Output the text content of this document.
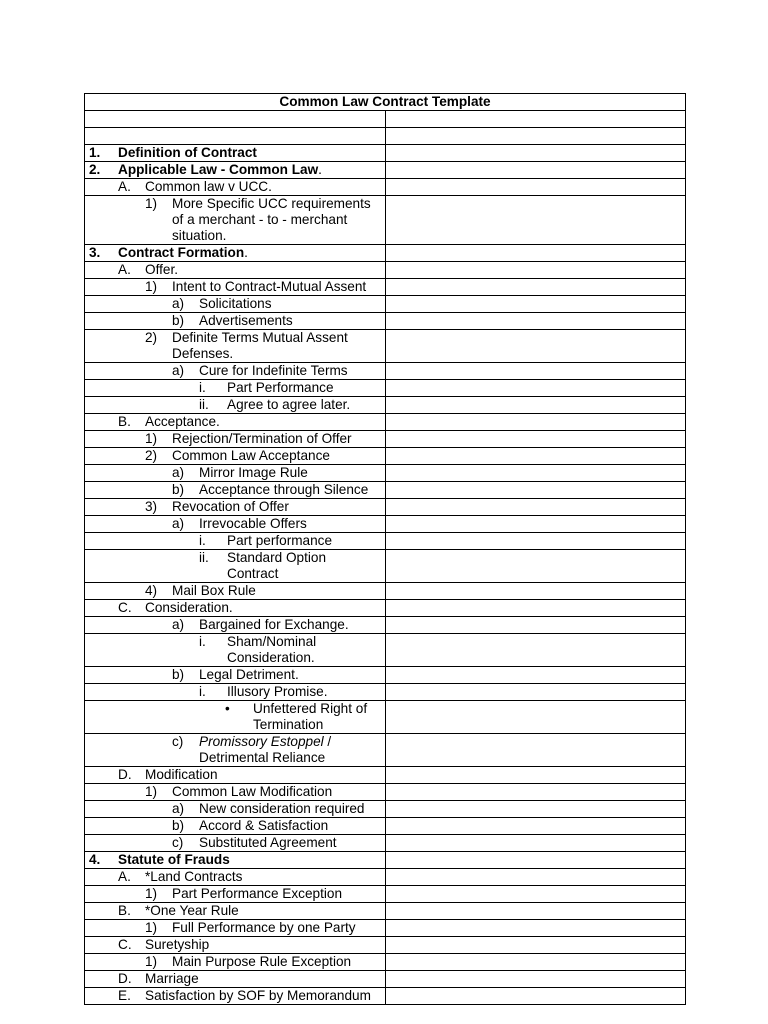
Common Law Contract Template	

1. Definition of Contract	

2. Applicable Law - Common Law.	

A. Common law v UCC.	

1) More Specific UCC requirements of a merchant - to - merchant situation.	

3. Contract Formation.	

A. Offer.	

1) Intent to Contract-Mutual Assent	

a) Solicitations	

b) Advertisements	

2) Definite Terms Mutual Assent Defenses.	

a) Cure for Indefinite Terms	

i. Part Performance	

ii. Agree to agree later.	

B. Acceptance.	

1) Rejection/Termination of Offer	

2) Common Law Acceptance	

a) Mirror Image Rule	

b) Acceptance through Silence	

3) Revocation of Offer	

a) Irrevocable Offers	

i. Part performance	

ii. Standard Option Contract	

4) Mail Box Rule	

C. Consideration.	

a) Bargained for Exchange.	

i. Sham/Nominal Consideration.	

b) Legal Detriment.	

i. Illusory Promise.	

• Unfettered Right of Termination	

c) Promissory Estoppel / Detrimental Reliance	

D. Modification	

1) Common Law Modification	

a) New consideration required	

b) Accord & Satisfaction	

c) Substituted Agreement	

4. Statute of Frauds	

A. *Land Contracts	

1) Part Performance Exception	

B. *One Year Rule	

1) Full Performance by one Party	

C. Suretyship	

1) Main Purpose Rule Exception	

D. Marriage	

E. Satisfaction by SOF by Memorandum	
